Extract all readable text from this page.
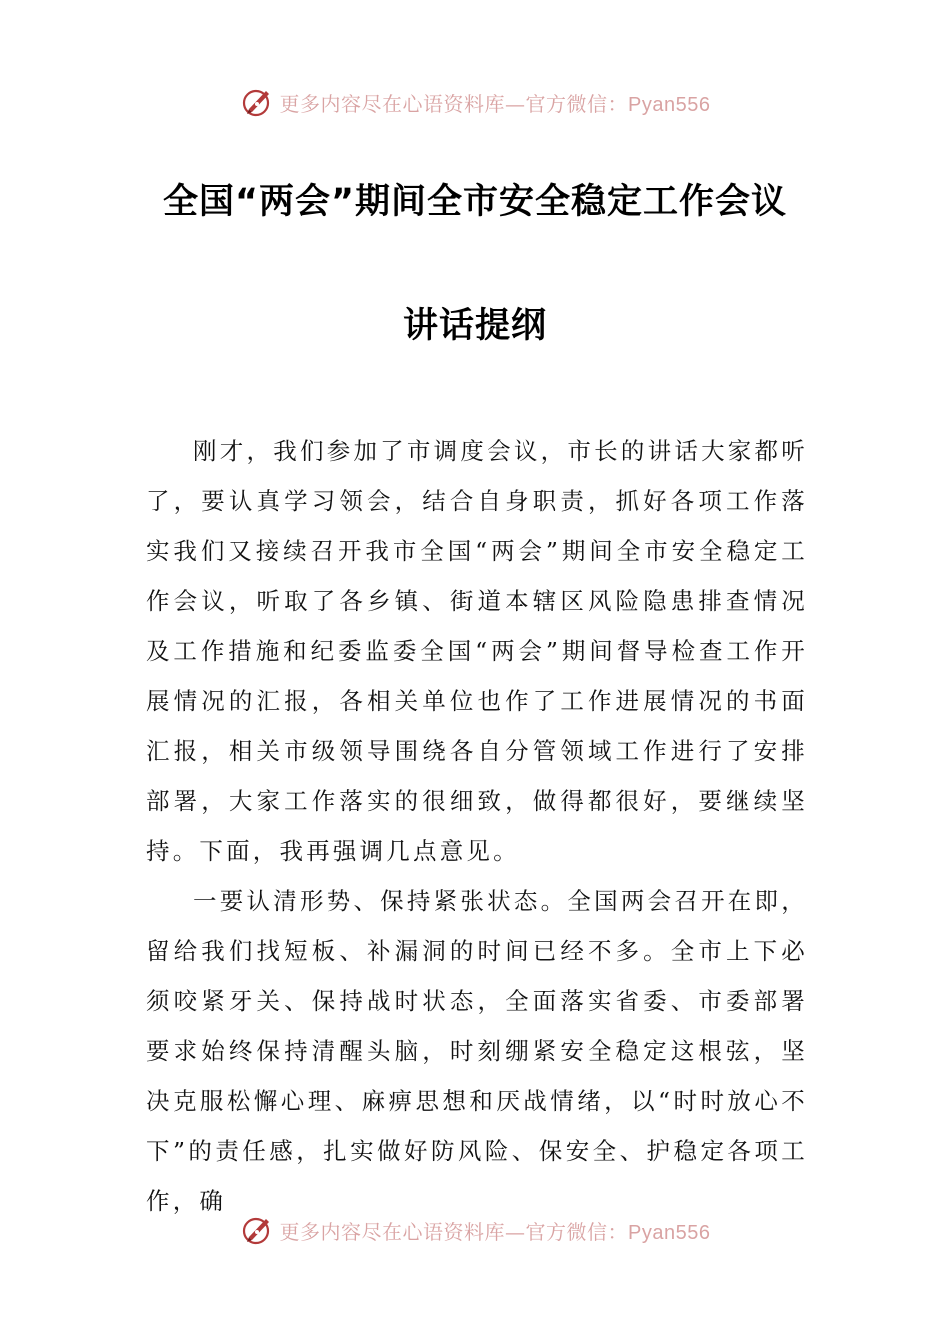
更多内容尽在心语资料库—官方微信：Pyan556
全国“两会”期间全市安全稳定工作会议
讲话提纲

刚才，我们参加了市调度会议，市长的讲话大家都听了，要认真学习领会，结合自身职责，抓好各项工作落实我们又接续召开我市全国“两会”期间全市安全稳定工作会议，听取了各乡镇、街道本辖区风险隐患排查情况及工作措施和纪委监委全国“两会”期间督导检查工作开展情况的汇报，各相关单位也作了工作进展情况的书面汇报，相关市级领导围绕各自分管领域工作进行了安排部署，大家工作落实的很细致，做得都很好，要继续坚持。下面，我再强调几点意见。

一要认清形势、保持紧张状态。全国两会召开在即，留给我们找短板、补漏洞的时间已经不多。全市上下必须咬紧牙关、保持战时状态，全面落实省委、市委部署要求始终保持清醒头脑，时刻绷紧安全稳定这根弦，坚决克服松懈心理、麻痹思想和厌战情绪，以“时时放心不下”的责任感，扎实做好防风险、保安全、护稳定各项工作，确

更多内容尽在心语资料库—官方微信：Pyan556
